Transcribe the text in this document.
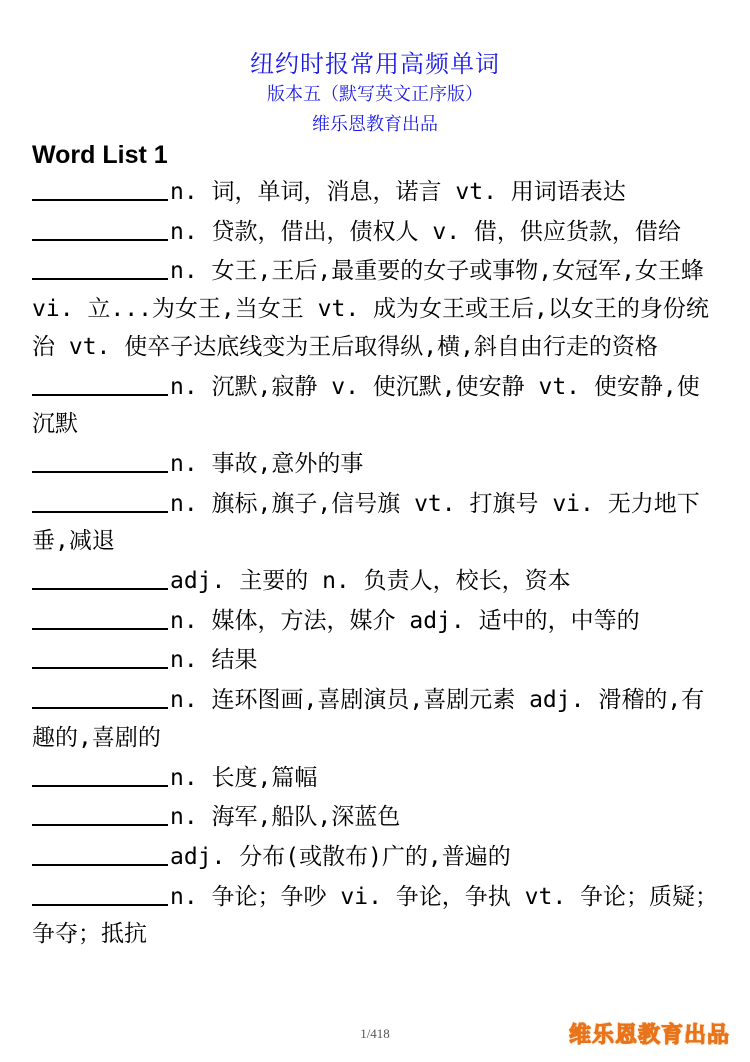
纽约时报常用高频单词
版本五（默写英文正序版）
维乐恩教育出品
Word List 1
n. 词，单词，消息，诺言 vt. 用词语表达
n. 贷款，借出，债权人 v. 借，供应货款，借给
n. 女王,王后,最重要的女子或事物,女冠军,女王蜂 vi. 立...为女王,当女王 vt. 成为女王或王后,以女王的身份统治 vt. 使卒子达底线变为王后取得纵,横,斜自由行走的资格
n. 沉默,寂静 v. 使沉默,使安静 vt. 使安静,使沉默
n. 事故,意外的事
n. 旗标,旗子,信号旗 vt. 打旗号 vi. 无力地下垂,减退
adj. 主要的 n. 负责人，校长，资本
n. 媒体，方法，媒介 adj. 适中的，中等的
n. 结果
n. 连环图画,喜剧演员,喜剧元素 adj. 滑稽的,有趣的,喜剧的
n. 长度,篇幅
n. 海军,船队,深蓝色
adj. 分布(或散布)广的,普遍的
n. 争论；争吵 vi. 争论，争执 vt. 争论；质疑；争夺；抵抗
1/418	维乐恩教育出品
